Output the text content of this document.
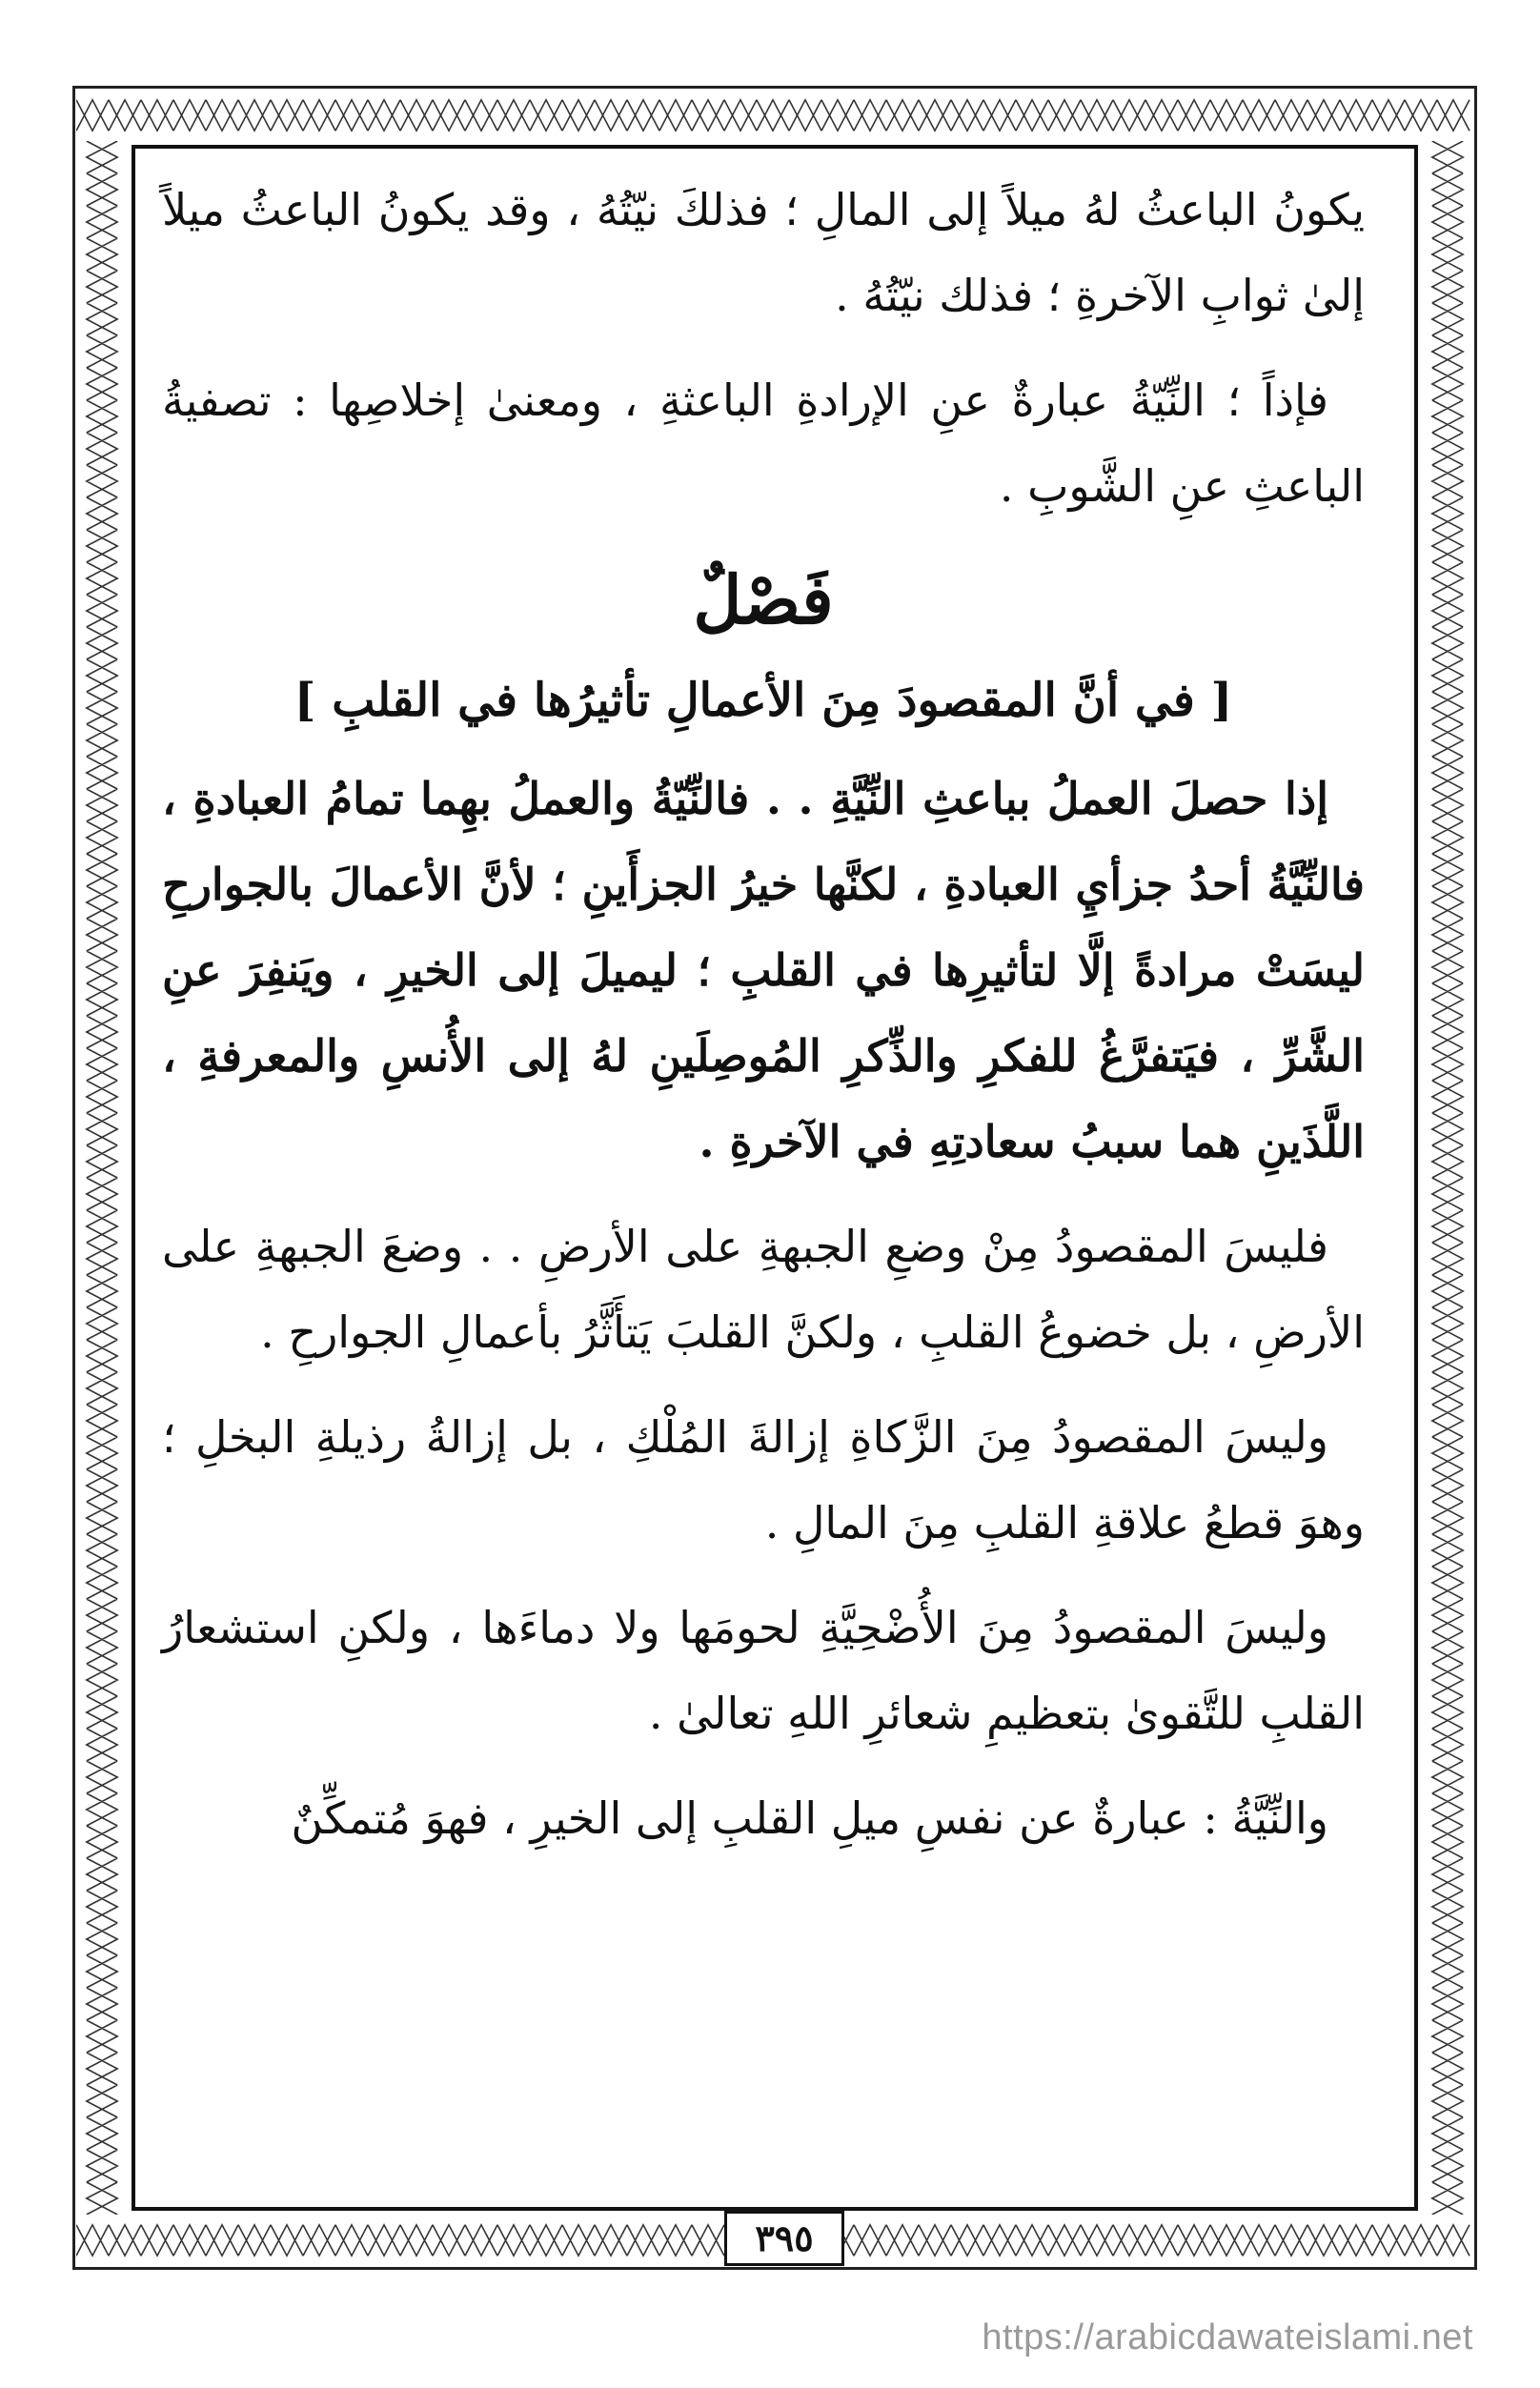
يكونُ الباعثُ لهُ ميلاً إلى المالِ ؛ فذلكَ نيّتُهُ ، وقد يكونُ الباعثُ ميلاً إلىٰ ثوابِ الآخرةِ ؛ فذلك نيّتُهُ .

فإذاً ؛ النِّيّةُ عبارةٌ عنِ الإرادةِ الباعثةِ ، ومعنىٰ إخلاصِها : تصفيةُ الباعثِ عنِ الشَّوبِ .

فَصْلٌ
[ في أنَّ المقصودَ مِنَ الأعمالِ تأثيرُها في القلبِ ]

إذا حصلَ العملُ بباعثِ النِّيَّةِ . . فالنِّيّةُ والعملُ بهِما تمامُ العبادةِ ، فالنِّيَّةُ أحدُ جزأيِ العبادةِ ، لكنَّها خيرُ الجزأَينِ ؛ لأنَّ الأعمالَ بالجوارحِ ليسَتْ مرادةً إلَّا لتأثيرِها في القلبِ ؛ ليميلَ إلى الخيرِ ، ويَنفِرَ عنِ الشَّرِّ ، فيَتفرَّغُ للفكرِ والذِّكرِ المُوصِلَينِ لهُ إلى الأُنسِ والمعرفةِ ، اللَّذَينِ هما سببُ سعادتِهِ في الآخرةِ .

فليسَ المقصودُ مِنْ وضعِ الجبهةِ على الأرضِ . . وضعَ الجبهةِ على الأرضِ ، بل خضوعُ القلبِ ، ولكنَّ القلبَ يَتأَثَّرُ بأعمالِ الجوارحِ .

وليسَ المقصودُ مِنَ الزَّكاةِ إزالةَ المُلْكِ ، بل إزالةُ رذيلةِ البخلِ ؛ وهوَ قطعُ علاقةِ القلبِ مِنَ المالِ .

وليسَ المقصودُ مِنَ الأُضْحِيَّةِ لحومَها ولا دماءَها ، ولكنِ استشعارُ القلبِ للتَّقوىٰ بتعظيمِ شعائرِ اللهِ تعالىٰ .

والنِّيَّةُ : عبارةٌ عن نفسِ ميلِ القلبِ إلى الخيرِ ، فهوَ مُتمكِّنٌ

٣٩٥
https://arabicdawateislami.net
